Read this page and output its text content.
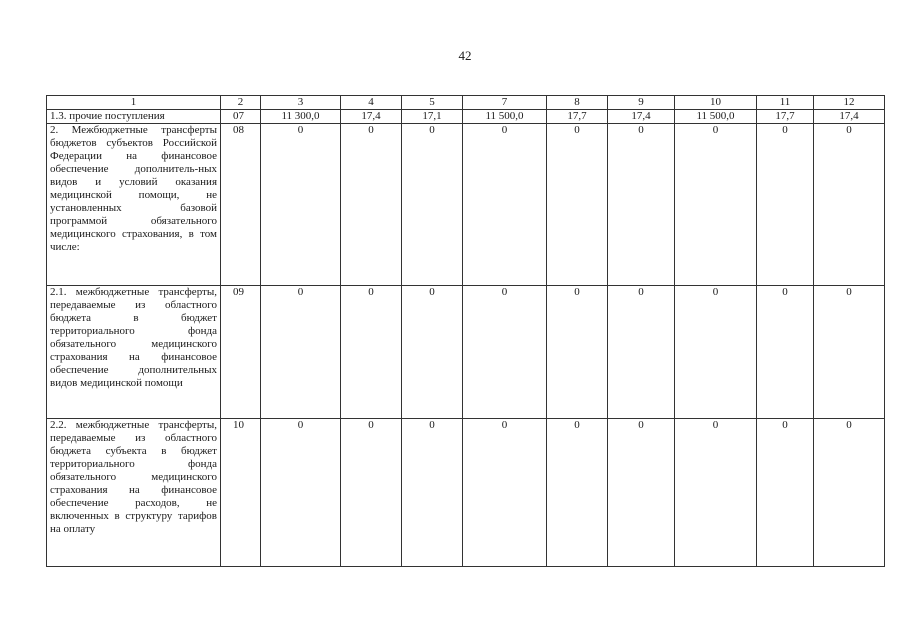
42
1	2	3	4	5	7	8	9	10	11	12
1.3. прочие поступления	07	11 300,0	17,4	17,1	11 500,0	17,7	17,4	11 500,0	17,7	17,4
2. Межбюджетные трансферты бюджетов субъектов Российской Федерации на финансовое обеспечение дополнитель-ных видов и условий оказания медицинской помощи, не установленных базовой программой обязательного медицинского страхования, в том числе:	08	0	0	0	0	0	0	0	0	0
2.1. межбюджетные трансферты, передаваемые из областного бюджета в бюджет территориального фонда обязательного медицинского страхования на финансовое обеспечение дополнительных видов медицинской помощи	09	0	0	0	0	0	0	0	0	0
2.2. межбюджетные трансферты, передаваемые из областного бюджета субъекта в бюджет территориального фонда обязательного медицинского страхования на финансовое обеспечение расходов, не включенных в структуру тарифов на оплату	10	0	0	0	0	0	0	0	0	0
